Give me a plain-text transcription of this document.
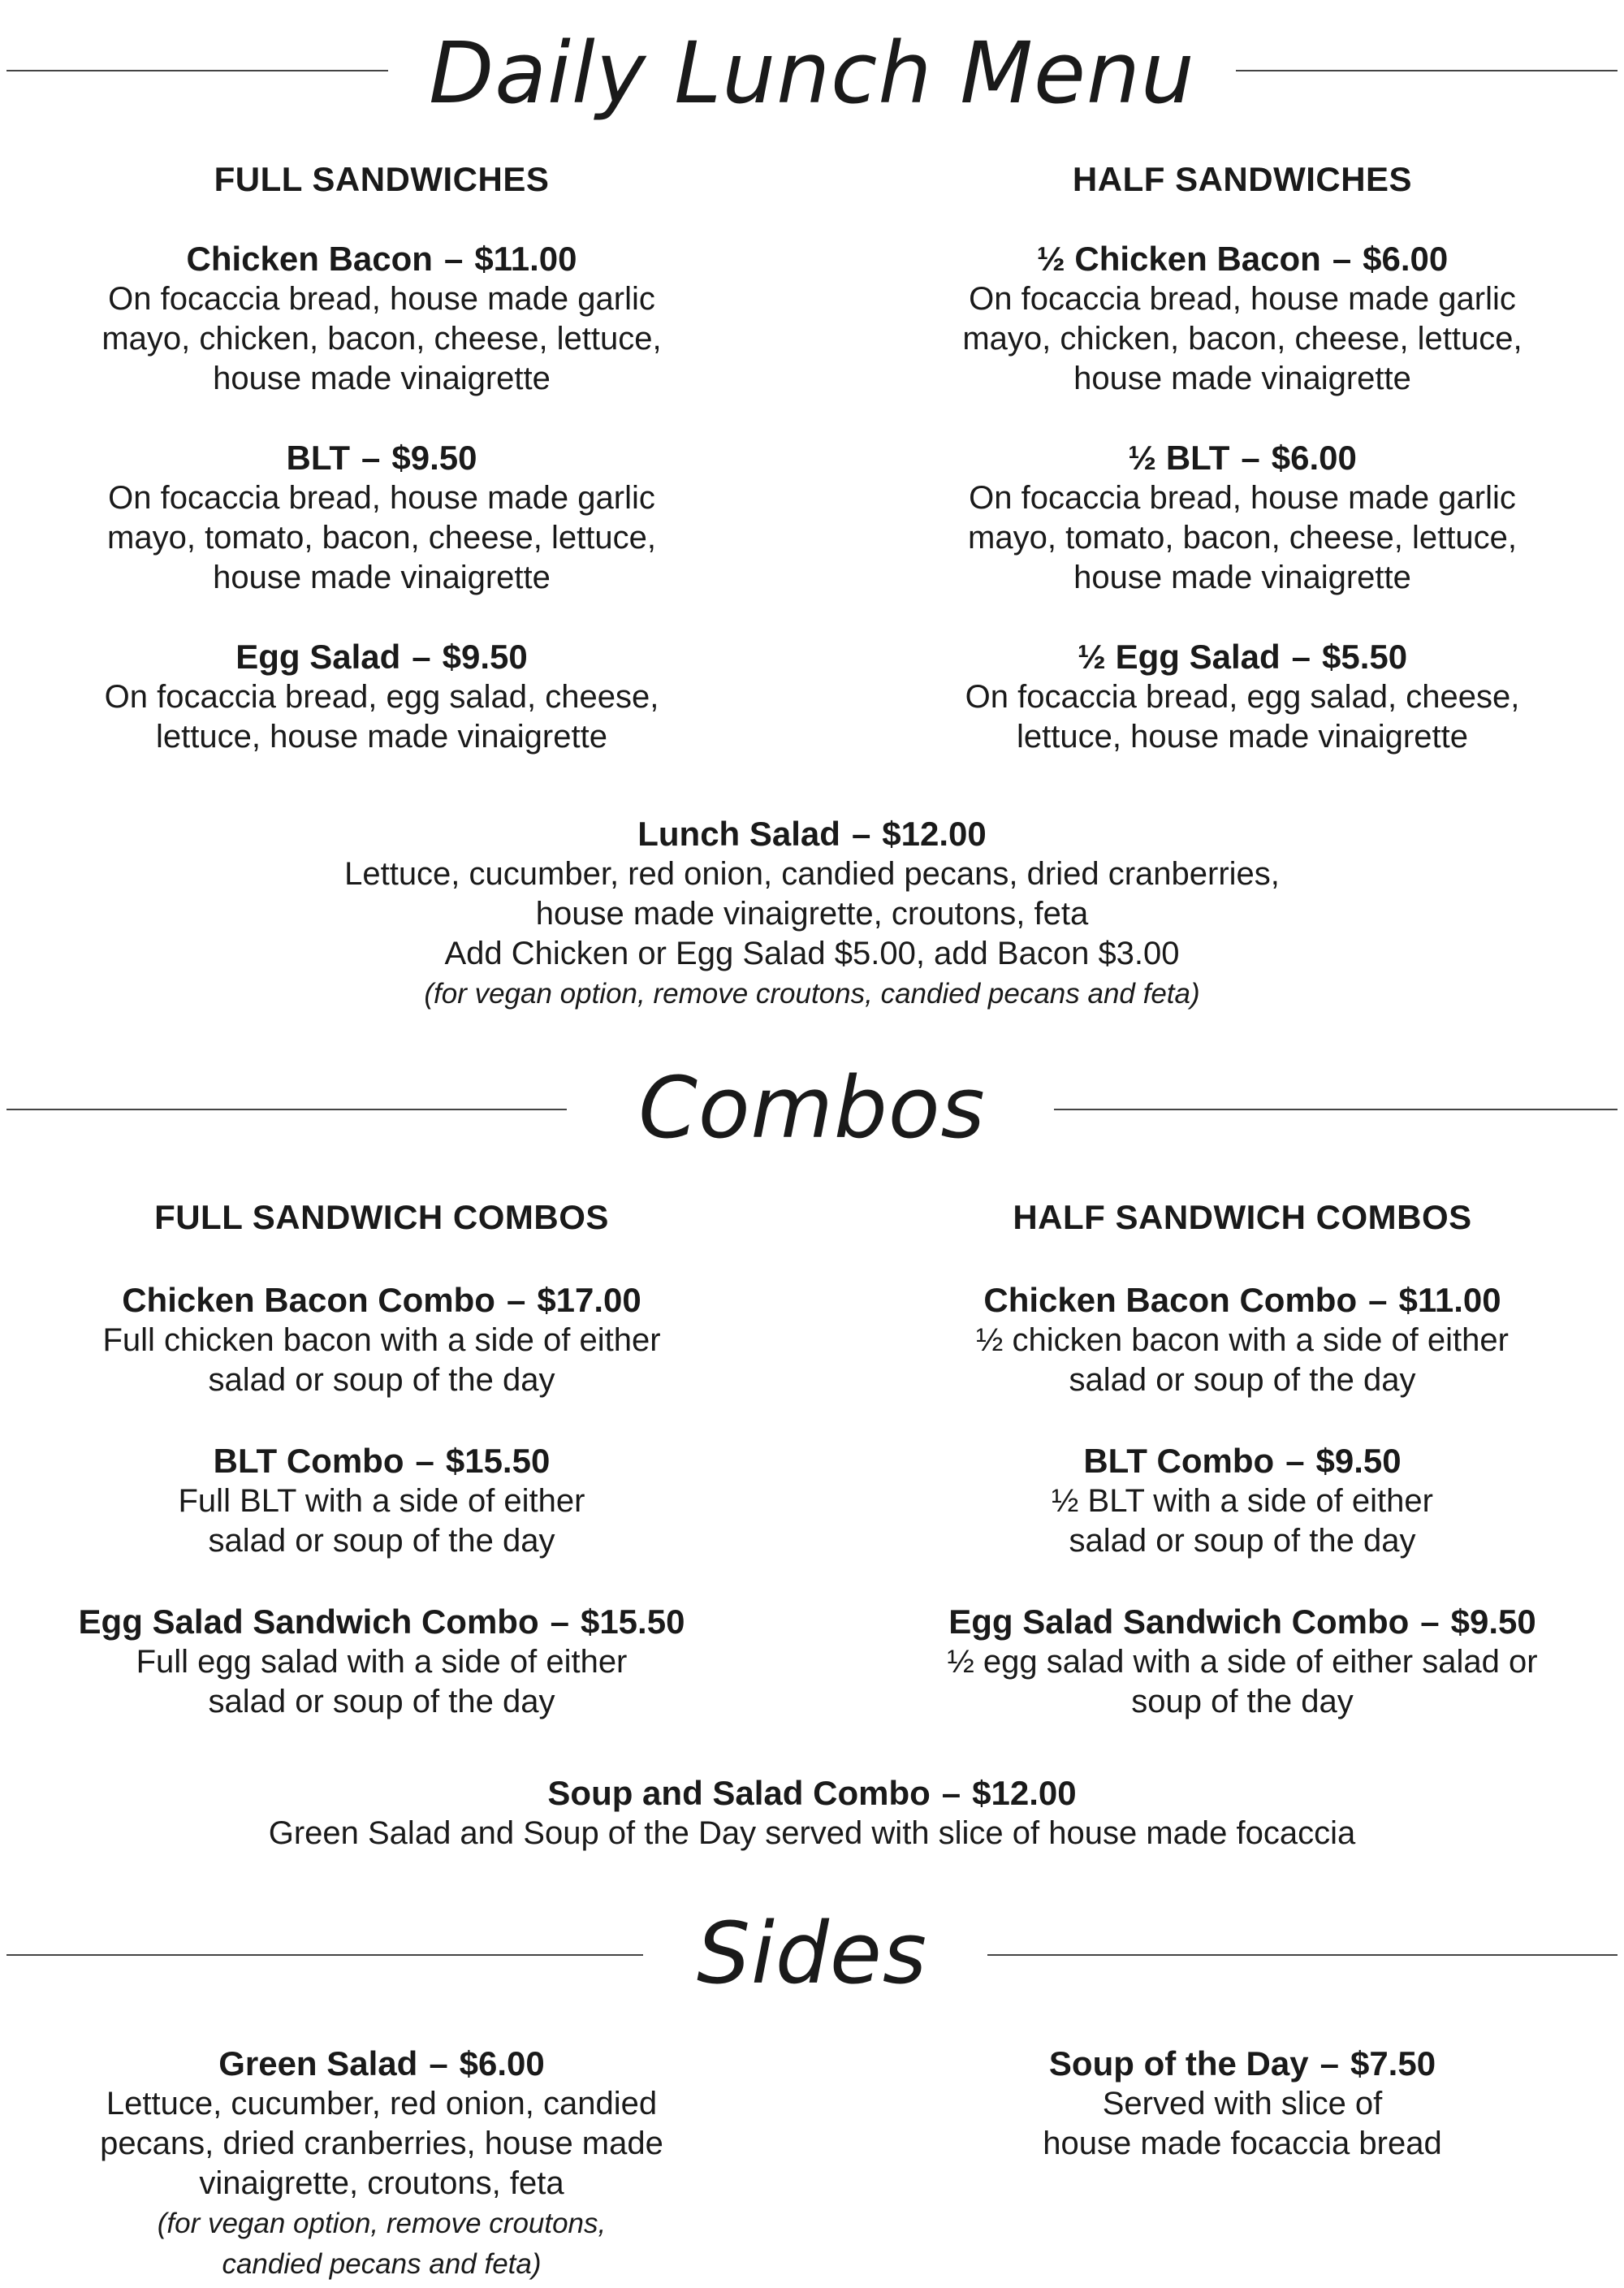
Daily Lunch Menu
FULL SANDWICHES
Chicken Bacon – $11.00
On focaccia bread, house made garlic
mayo, chicken, bacon, cheese, lettuce,
house made vinaigrette
BLT – $9.50
On focaccia bread, house made garlic
mayo, tomato, bacon, cheese, lettuce,
house made vinaigrette
Egg Salad – $9.50
On focaccia bread, egg salad, cheese,
lettuce, house made vinaigrette
HALF SANDWICHES
½ Chicken Bacon – $6.00
On focaccia bread, house made garlic
mayo, chicken, bacon, cheese, lettuce,
house made vinaigrette
½ BLT – $6.00
On focaccia bread, house made garlic
mayo, tomato, bacon, cheese, lettuce,
house made vinaigrette
½ Egg Salad – $5.50
On focaccia bread, egg salad, cheese,
lettuce, house made vinaigrette
Lunch Salad – $12.00
Lettuce, cucumber, red onion, candied pecans, dried cranberries,
house made vinaigrette, croutons, feta
Add Chicken or Egg Salad $5.00, add Bacon $3.00
(for vegan option, remove croutons, candied pecans and feta)
Combos
FULL SANDWICH COMBOS
Chicken Bacon Combo – $17.00
Full chicken bacon with a side of either
salad or soup of the day
BLT Combo – $15.50
Full BLT with a side of either
salad or soup of the day
Egg Salad Sandwich Combo – $15.50
Full egg salad with a side of either
salad or soup of the day
HALF SANDWICH COMBOS
Chicken Bacon Combo – $11.00
½ chicken bacon with a side of either
salad or soup of the day
BLT Combo – $9.50
½ BLT with a side of either
salad or soup of the day
Egg Salad Sandwich Combo – $9.50
½ egg salad with a side of either salad or
soup of the day
Soup and Salad Combo – $12.00
Green Salad and Soup of the Day served with slice of house made focaccia
Sides
Green Salad – $6.00
Lettuce, cucumber, red onion, candied
pecans, dried cranberries, house made
vinaigrette, croutons, feta
(for vegan option, remove croutons,
candied pecans and feta)
Soup of the Day – $7.50
Served with slice of
house made focaccia bread
